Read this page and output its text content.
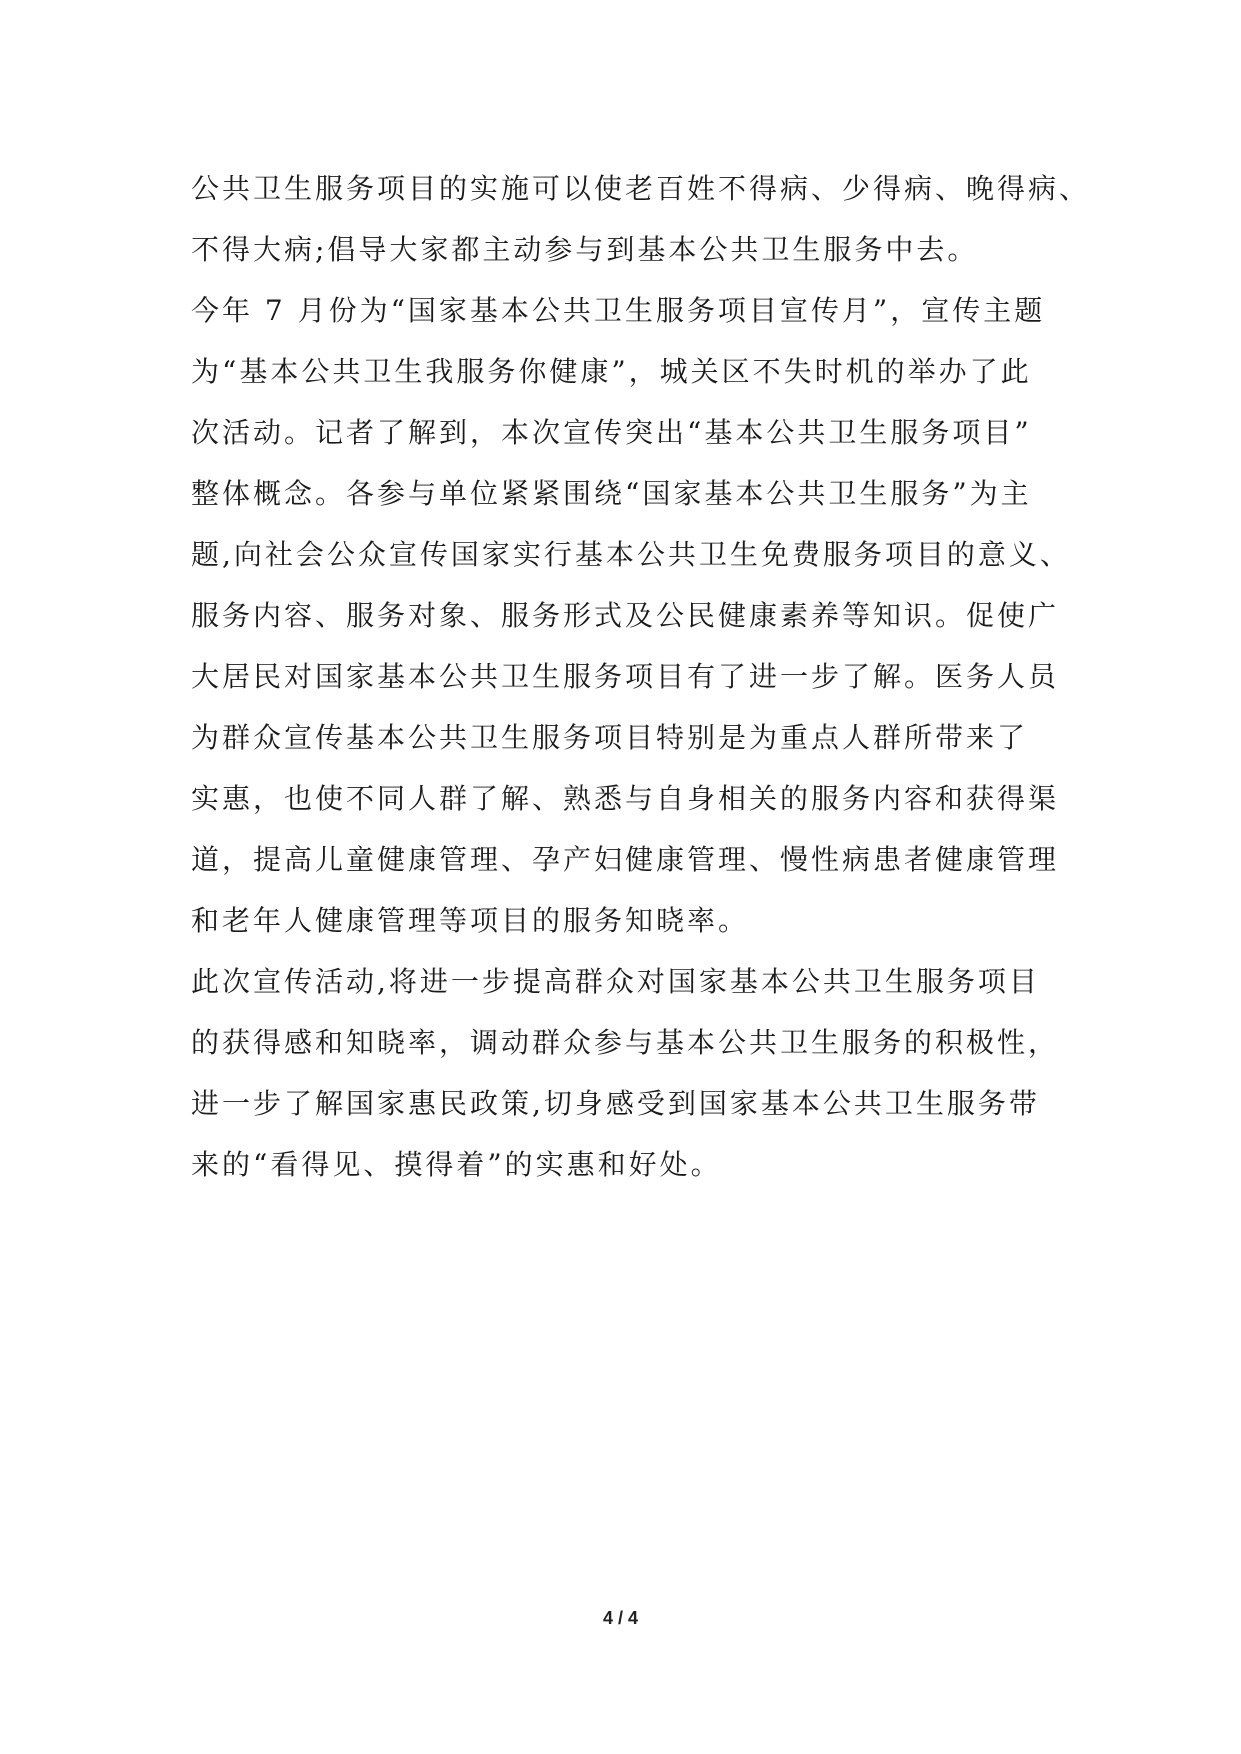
公共卫生服务项目的实施可以使老百姓不得病、少得病、晚得病、
不得大病;倡导大家都主动参与到基本公共卫生服务中去。
今年 7 月份为“国家基本公共卫生服务项目宣传月”，宣传主题
为“基本公共卫生我服务你健康”，城关区不失时机的举办了此
次活动。记者了解到，本次宣传突出“基本公共卫生服务项目”
整体概念。各参与单位紧紧围绕“国家基本公共卫生服务”为主
题,向社会公众宣传国家实行基本公共卫生免费服务项目的意义、
服务内容、服务对象、服务形式及公民健康素养等知识。促使广
大居民对国家基本公共卫生服务项目有了进一步了解。医务人员
为群众宣传基本公共卫生服务项目特别是为重点人群所带来了
实惠，也使不同人群了解、熟悉与自身相关的服务内容和获得渠
道，提高儿童健康管理、孕产妇健康管理、慢性病患者健康管理
和老年人健康管理等项目的服务知晓率。
此次宣传活动,将进一步提高群众对国家基本公共卫生服务项目
的获得感和知晓率，调动群众参与基本公共卫生服务的积极性，
进一步了解国家惠民政策,切身感受到国家基本公共卫生服务带
来的“看得见、摸得着”的实惠和好处。
4 / 4
